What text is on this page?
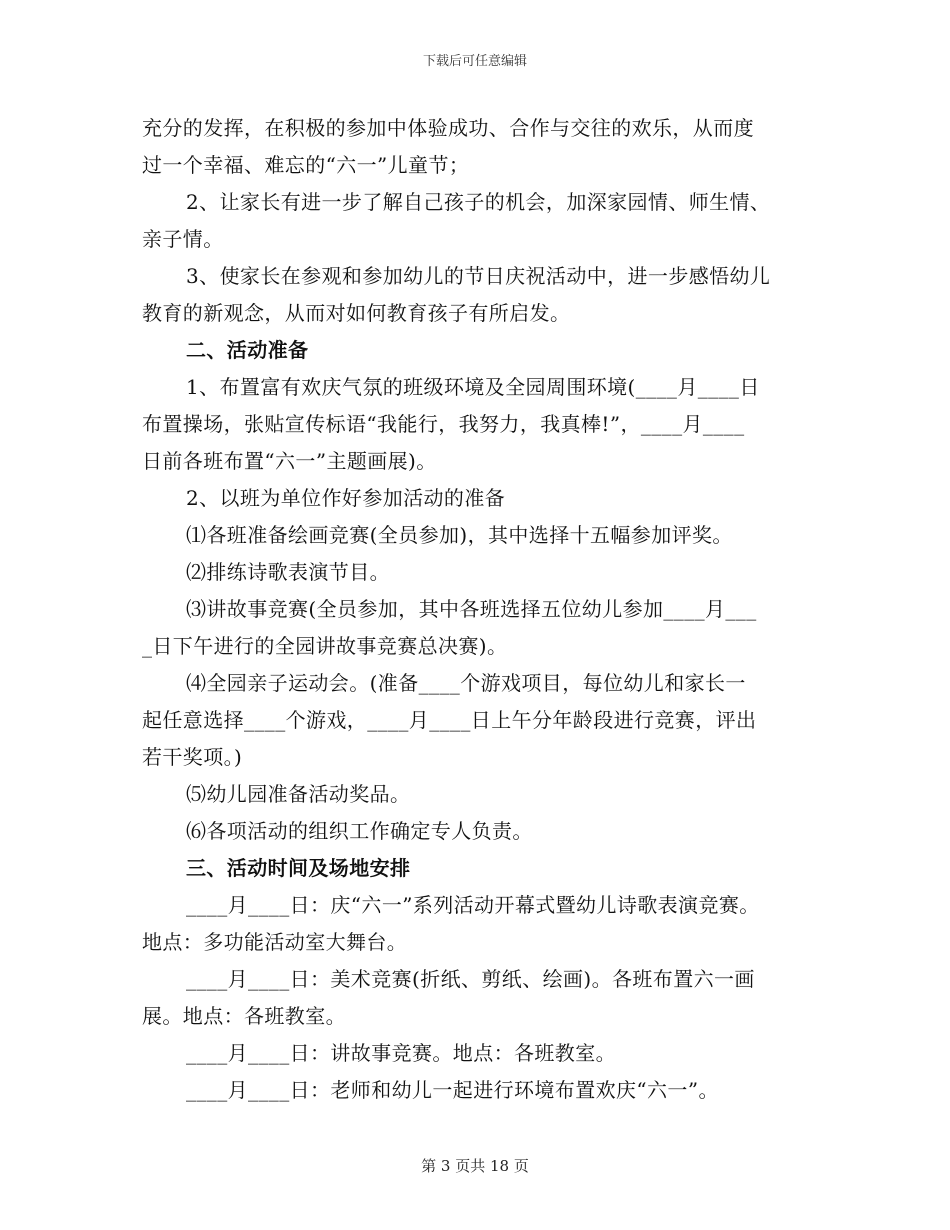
下载后可任意编辑
充分的发挥，在积极的参加中体验成功、合作与交往的欢乐，从而度
过一个幸福、难忘的“六一”儿童节；
2、让家长有进一步了解自己孩子的机会，加深家园情、师生情、
亲子情。
3、使家长在参观和参加幼儿的节日庆祝活动中，进一步感悟幼儿
教育的新观念，从而对如何教育孩子有所启发。
二、活动准备
1、布置富有欢庆气氛的班级环境及全园周围环境(____月____日
布置操场，张贴宣传标语“我能行，我努力，我真棒!”，____月____
日前各班布置“六一”主题画展)。
2、以班为单位作好参加活动的准备
⑴各班准备绘画竞赛(全员参加)，其中选择十五幅参加评奖。
⑵排练诗歌表演节目。
⑶讲故事竞赛(全员参加，其中各班选择五位幼儿参加____月___
_日下午进行的全园讲故事竞赛总决赛)。
⑷全园亲子运动会。(准备____个游戏项目，每位幼儿和家长一
起任意选择____个游戏，____月____日上午分年龄段进行竞赛，评出
若干奖项。)
⑸幼儿园准备活动奖品。
⑹各项活动的组织工作确定专人负责。
三、活动时间及场地安排
____月____日：庆“六一”系列活动开幕式暨幼儿诗歌表演竞赛。
地点：多功能活动室大舞台。
____月____日：美术竞赛(折纸、剪纸、绘画)。各班布置六一画
展。地点：各班教室。
____月____日：讲故事竞赛。地点：各班教室。
____月____日：老师和幼儿一起进行环境布置欢庆“六一”。
第 3 页共 18 页
